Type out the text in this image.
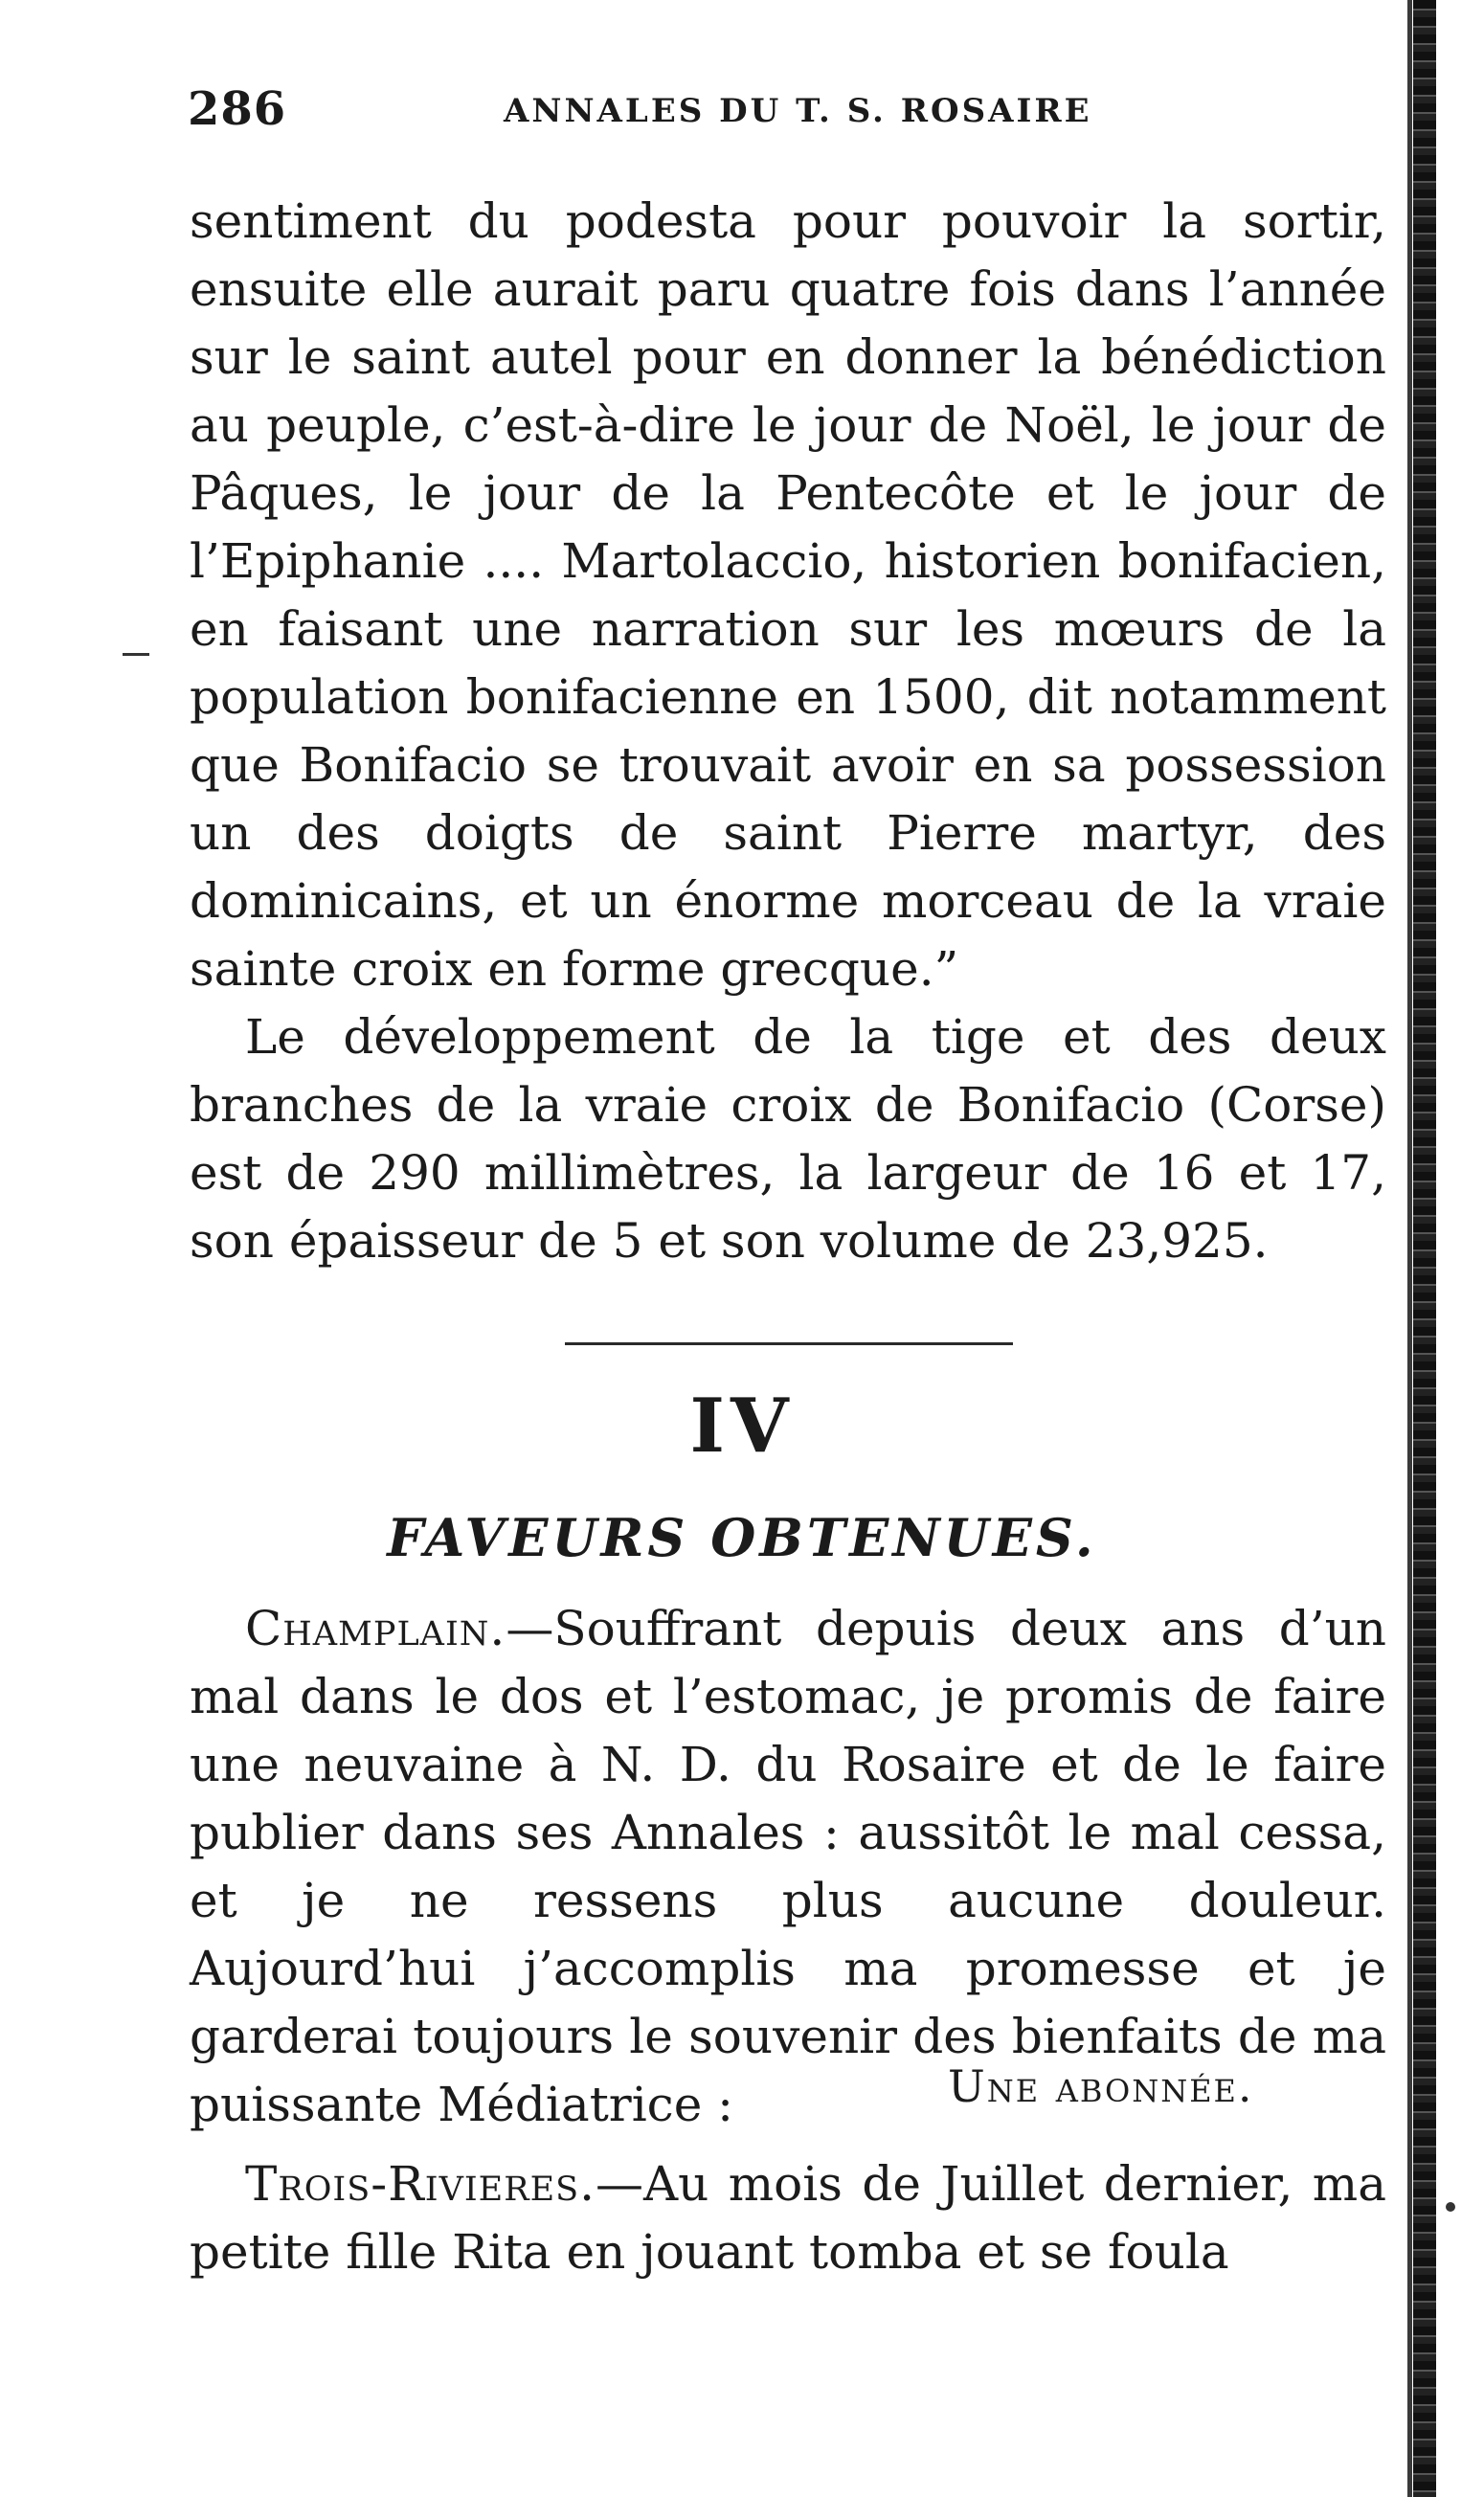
286	ANNALES DU T. S. ROSAIRE

sentiment du podesta pour pouvoir la sortir, ensuite elle aurait paru quatre fois dans l’année sur le saint autel pour en donner la bénédiction au peuple, c’est-à-dire le jour de Noël, le jour de Pâques, le jour de la Pentecôte et le jour de l’Epiphanie .... Martolaccio, historien bonifacien, en faisant une narration sur les mœurs de la population bonifacienne en 1500, dit notamment que Bonifacio se trouvait avoir en sa possession un des doigts de saint Pierre martyr, des dominicains, et un énorme morceau de la vraie sainte croix en forme grecque.”

Le développement de la tige et des deux branches de la vraie croix de Bonifacio (Corse) est de 290 millimètres, la largeur de 16 et 17, son épaisseur de 5 et son volume de 23,925.

IV
FAVEURS OBTENUES.

Champlain.—Souffrant depuis deux ans d’un mal dans le dos et l’estomac, je promis de faire une neuvaine à N. D. du Rosaire et de le faire publier dans ses Annales : aussitôt le mal cessa, et je ne ressens plus aucune douleur. Aujourd’hui j’accomplis ma promesse et je garderai toujours le souvenir des bienfaits de ma puissante Médiatrice :	Une abonnée.

Trois-Rivieres.—Au mois de Juillet dernier, ma petite fille Rita en jouant tomba et se foula
